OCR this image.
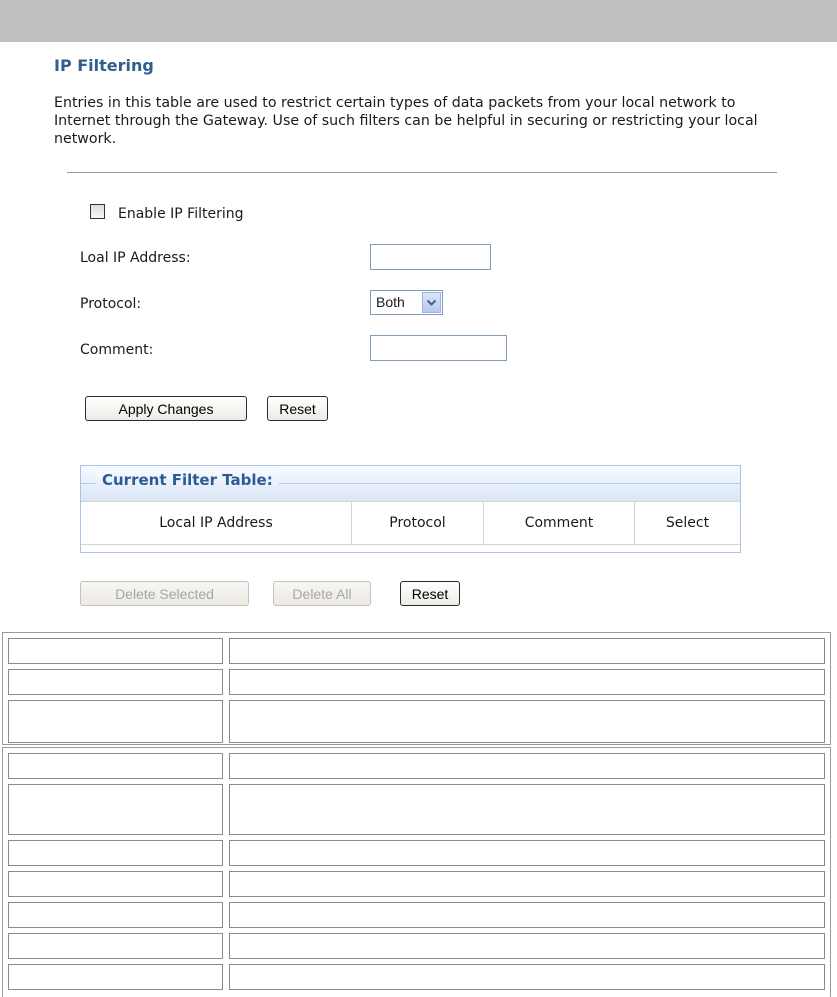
IP Filtering
Entries in this table are used to restrict certain types of data packets from your local network to Internet through the Gateway. Use of such filters can be helpful in securing or restricting your local network.
Enable IP Filtering
Loal IP Address:
Protocol:	Both
Comment:
Apply Changes	Reset
Current Filter Table:
Local IP Address	Protocol	Comment	Select
Delete Selected	Delete All	Reset
